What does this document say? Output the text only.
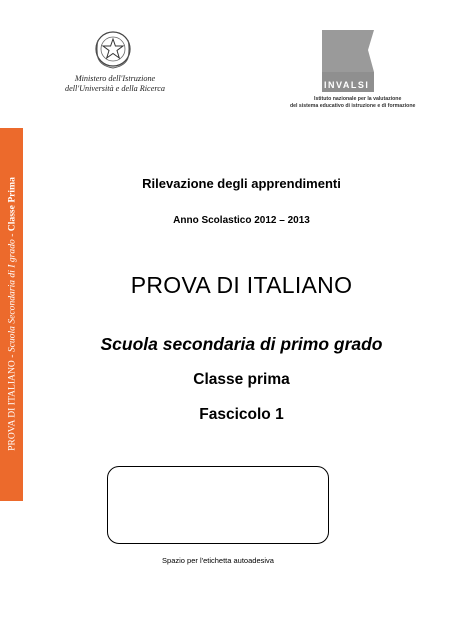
Ministero dell'Istruzione
dell'Università e della Ricerca	INVALSI
Istituto nazionale per la valutazione
del sistema educativo di istruzione e di formazione
PROVA DI ITALIANO - Scuola Secondaria di I grado - Classe Prima	Rilevazione degli apprendimenti
Anno Scolastico 2012 – 2013
PROVA DI ITALIANO
Scuola secondaria di primo grado
Classe prima
Fascicolo 1
Spazio per l'etichetta autoadesiva
